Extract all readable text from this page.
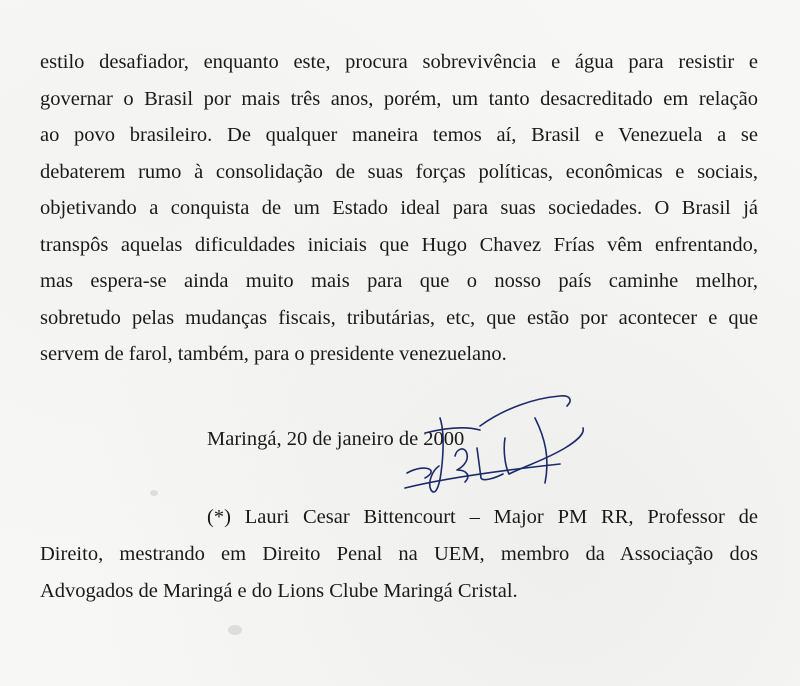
estilo desafiador, enquanto este, procura sobrevivência e água para resistir e
governar o Brasil por mais três anos, porém, um tanto desacreditado em relação
ao povo brasileiro. De qualquer maneira temos aí, Brasil e Venezuela a se
debaterem rumo à consolidação de suas forças políticas, econômicas e sociais,
objetivando a conquista de um Estado ideal para suas sociedades. O Brasil já
transpôs aquelas dificuldades iniciais que Hugo Chavez Frías vêm enfrentando,
mas espera-se ainda muito mais para que o nosso país caminhe melhor,
sobretudo pelas mudanças fiscais, tributárias, etc, que estão por acontecer e que
servem de farol, também, para o presidente venezuelano.

Maringá, 20 de janeiro de 2000

(*) Lauri Cesar Bittencourt – Major PM RR, Professor de
Direito, mestrando em Direito Penal na UEM, membro da Associação dos
Advogados de Maringá e do Lions Clube Maringá Cristal.
